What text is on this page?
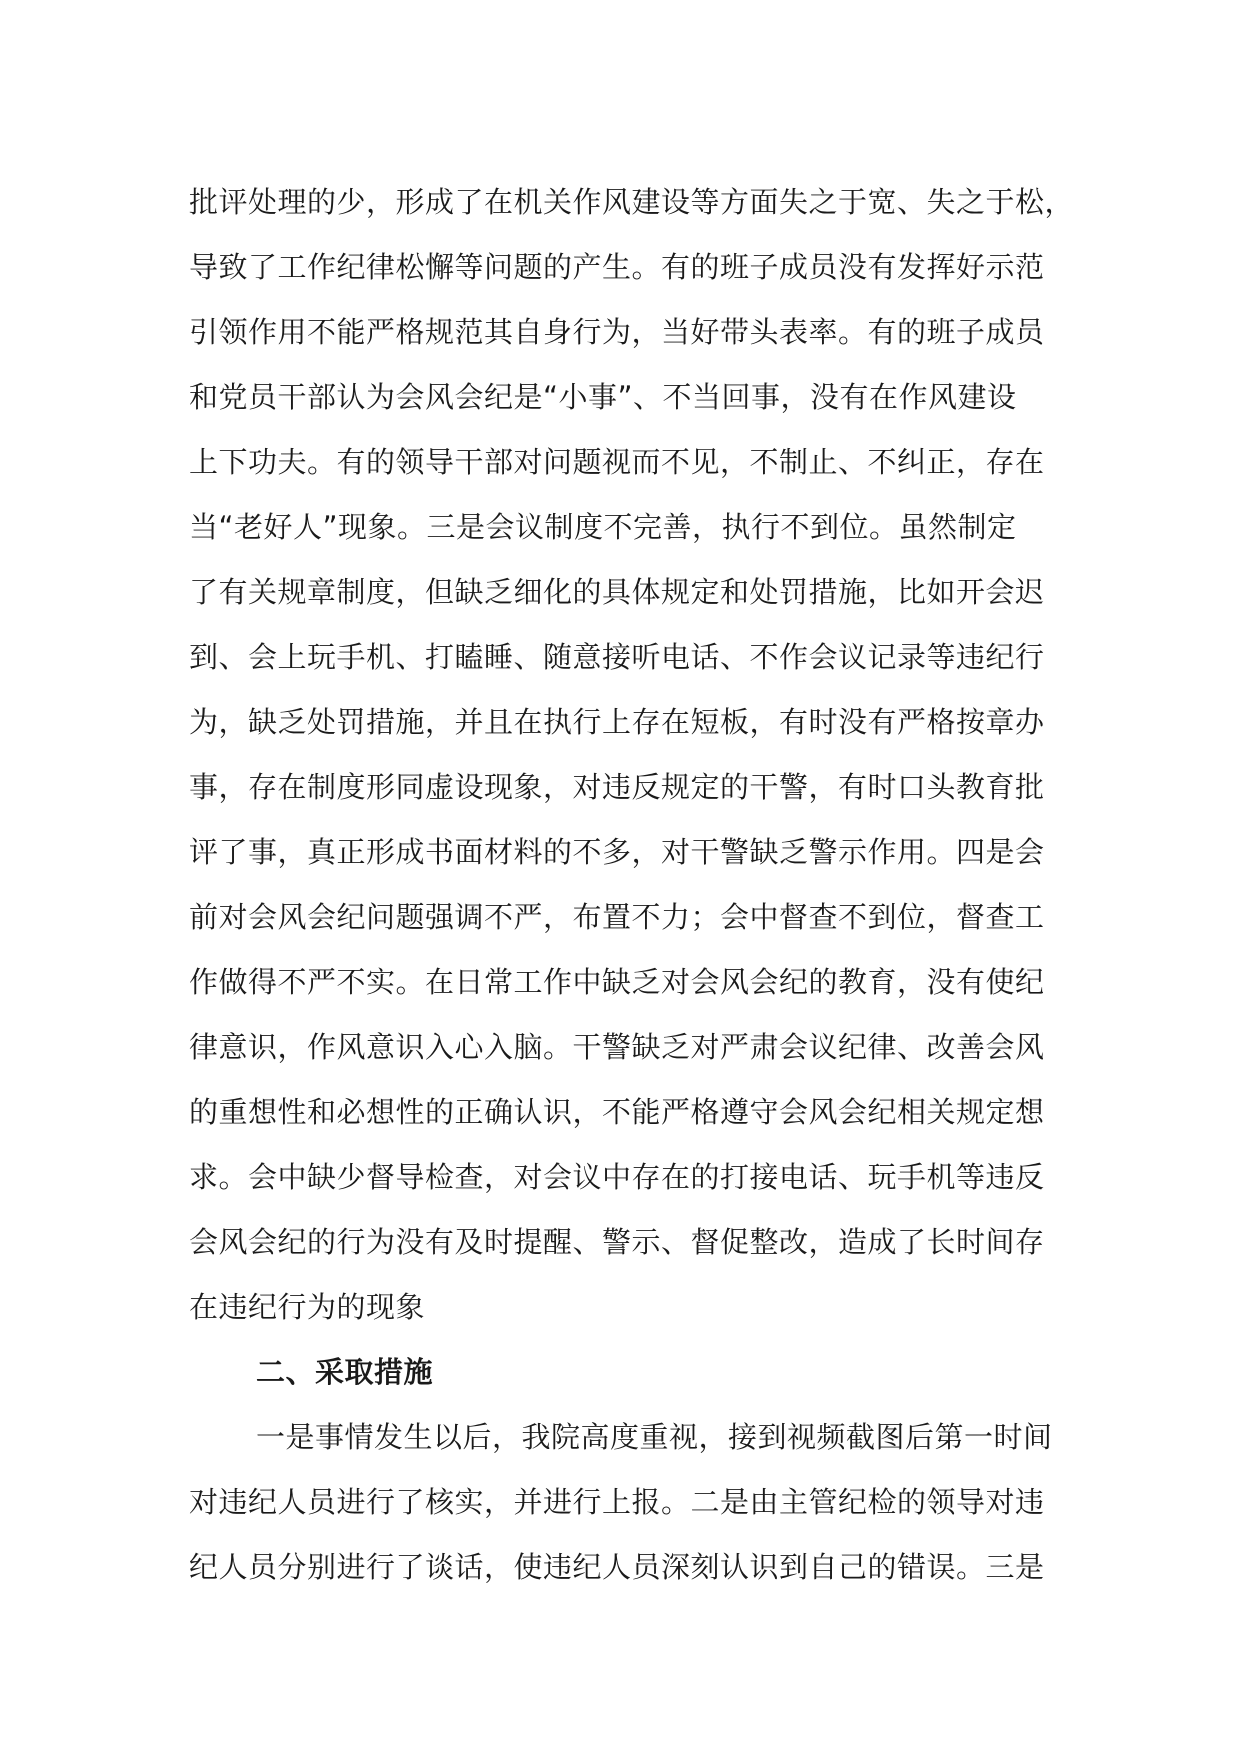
批评处理的少，形成了在机关作风建设等方面失之于宽、失之于松，
导致了工作纪律松懈等问题的产生。有的班子成员没有发挥好示范
引领作用不能严格规范其自身行为，当好带头表率。有的班子成员
和党员干部认为会风会纪是“小事”、不当回事，没有在作风建设
上下功夫。有的领导干部对问题视而不见，不制止、不纠正，存在
当“老好人”现象。三是会议制度不完善，执行不到位。虽然制定
了有关规章制度，但缺乏细化的具体规定和处罚措施，比如开会迟
到、会上玩手机、打瞌睡、随意接听电话、不作会议记录等违纪行
为，缺乏处罚措施，并且在执行上存在短板，有时没有严格按章办
事，存在制度形同虚设现象，对违反规定的干警，有时口头教育批
评了事，真正形成书面材料的不多，对干警缺乏警示作用。四是会
前对会风会纪问题强调不严，布置不力；会中督查不到位，督查工
作做得不严不实。在日常工作中缺乏对会风会纪的教育，没有使纪
律意识，作风意识入心入脑。干警缺乏对严肃会议纪律、改善会风
的重想性和必想性的正确认识，不能严格遵守会风会纪相关规定想
求。会中缺少督导检查，对会议中存在的打接电话、玩手机等违反
会风会纪的行为没有及时提醒、警示、督促整改，造成了长时间存
在违纪行为的现象
二、采取措施
一是事情发生以后，我院高度重视，接到视频截图后第一时间
对违纪人员进行了核实，并进行上报。二是由主管纪检的领导对违
纪人员分别进行了谈话，使违纪人员深刻认识到自己的错误。三是
